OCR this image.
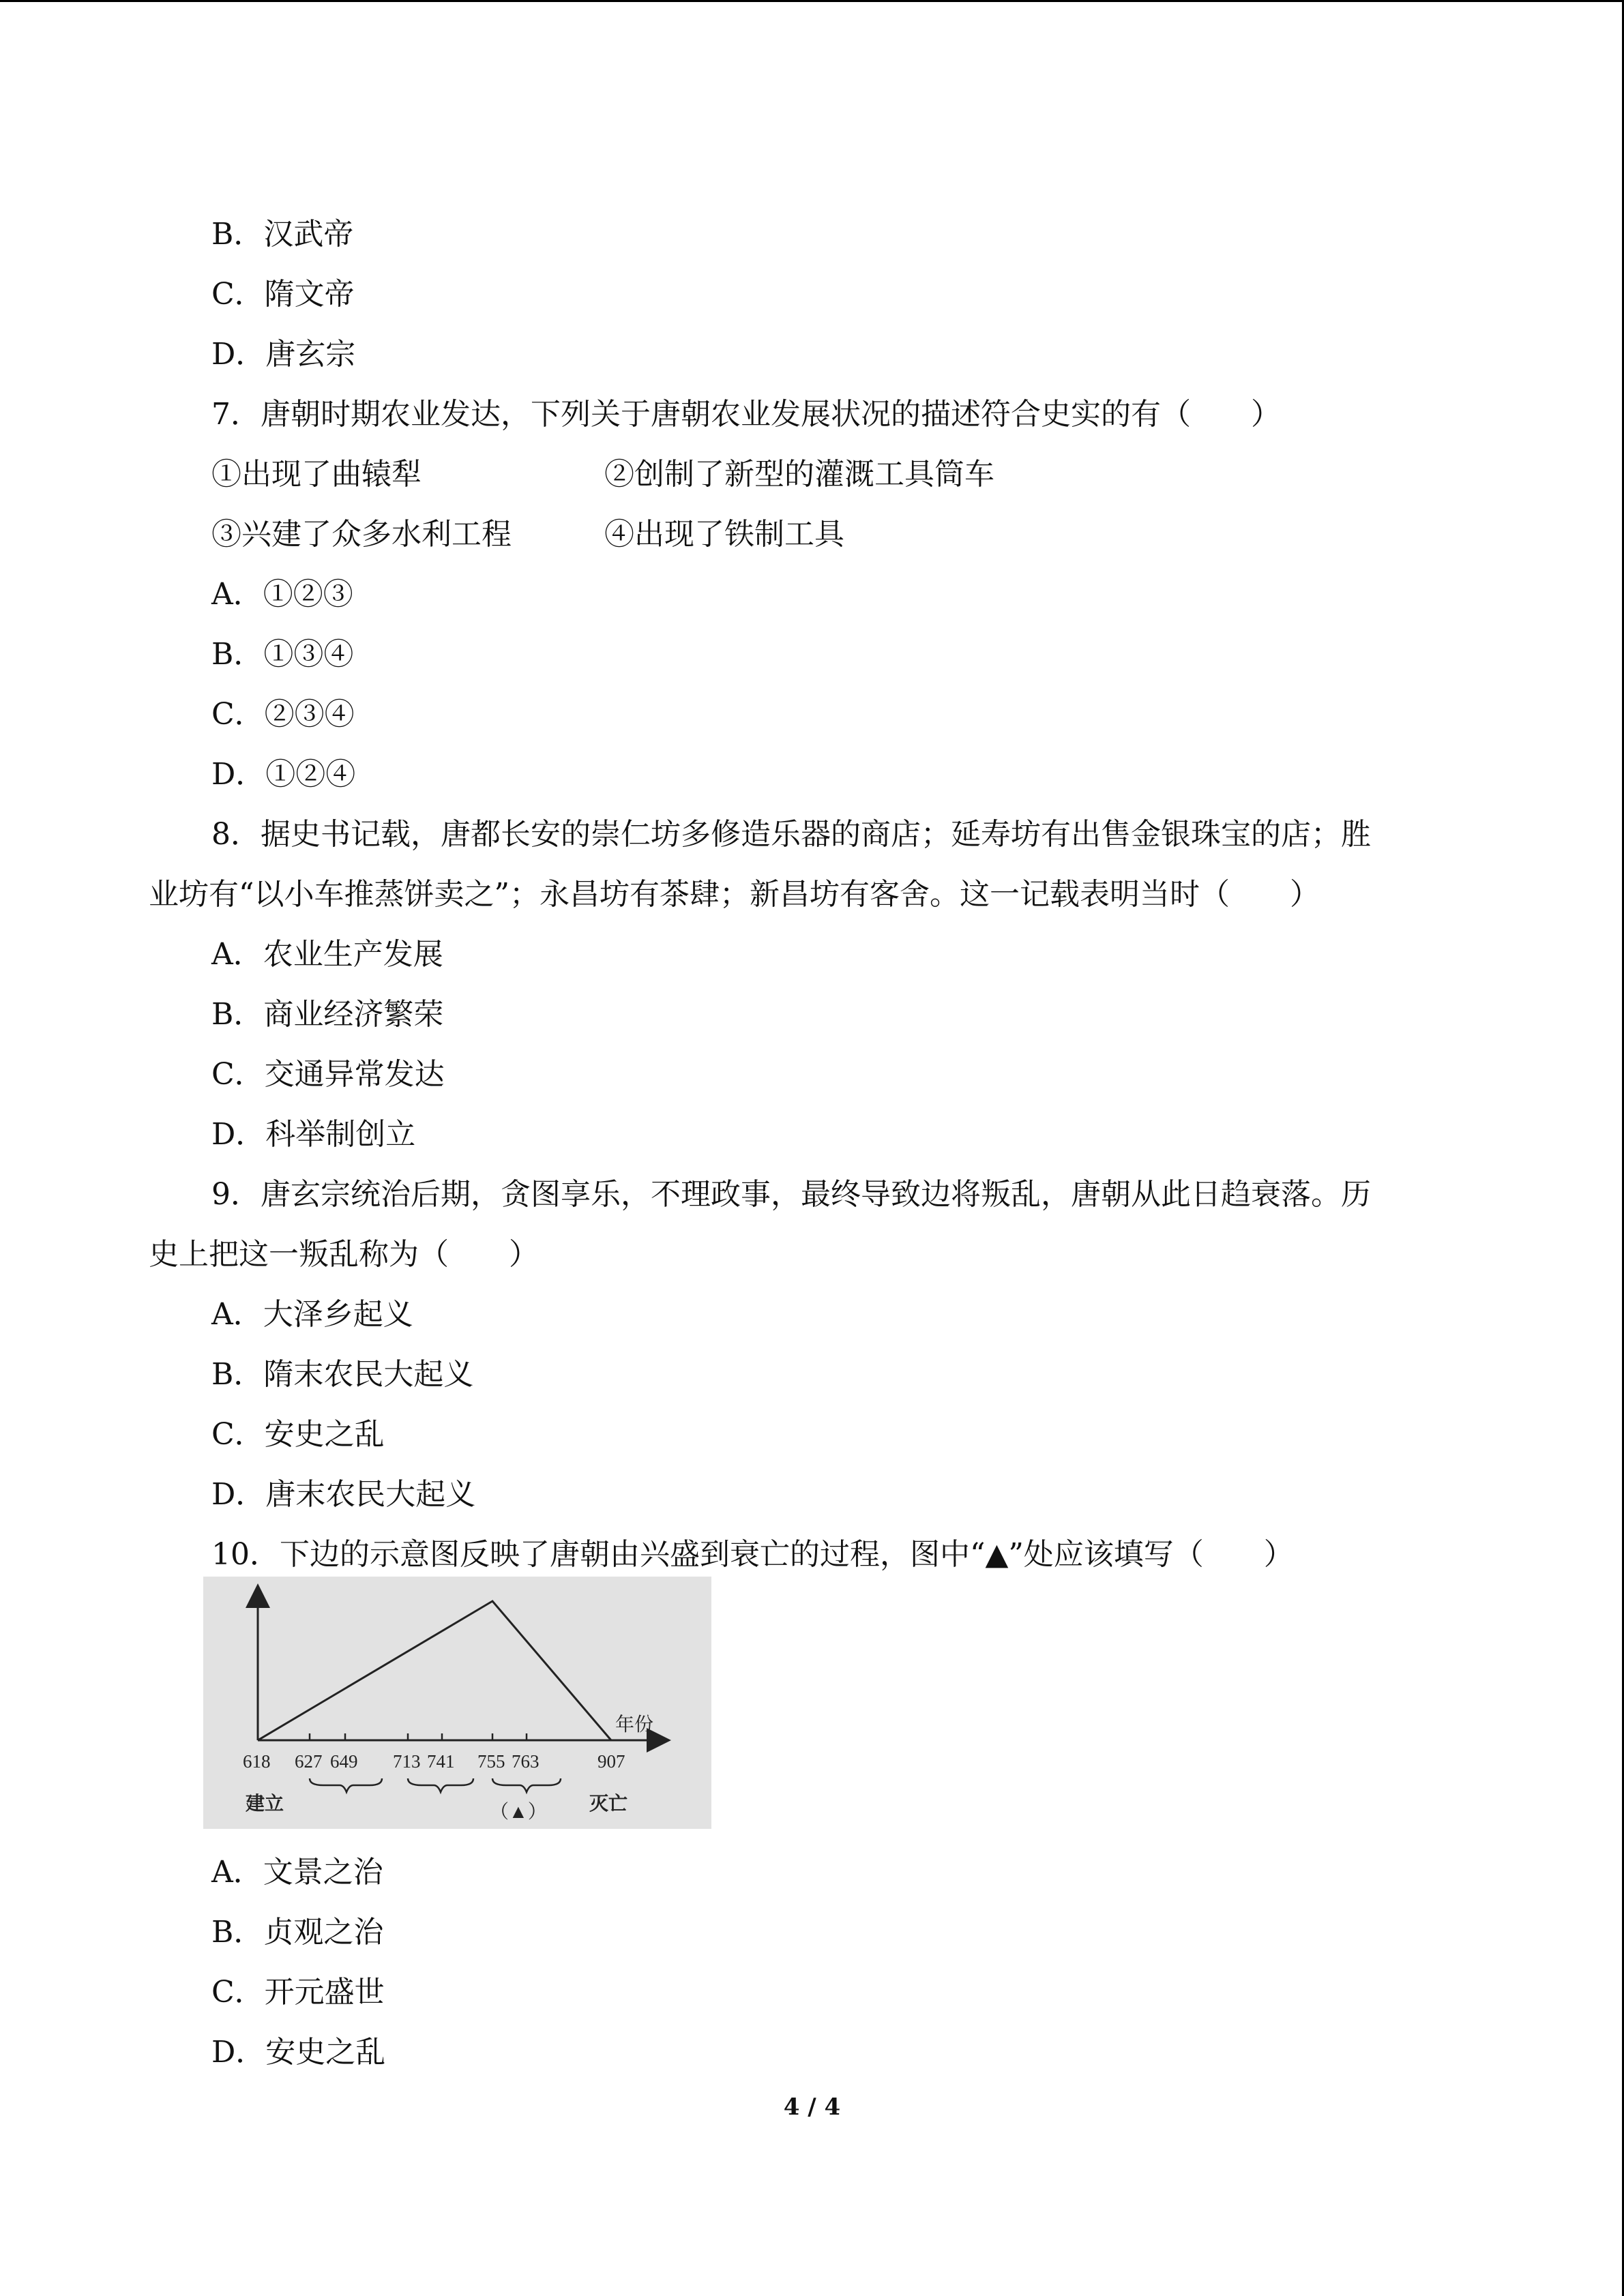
B．汉武帝
C．隋文帝
D．唐玄宗
7．唐朝时期农业发达，下列关于唐朝农业发展状况的描述符合史实的有（　　）
①出现了曲辕犁	②创制了新型的灌溉工具筒车
③兴建了众多水利工程	④出现了铁制工具
A．①②③
B．①③④
C．②③④
D．①②④
8．据史书记载，唐都长安的崇仁坊多修造乐器的商店；延寿坊有出售金银珠宝的店；胜
业坊有“以小车推蒸饼卖之”；永昌坊有茶肆；新昌坊有客舍。这一记载表明当时（　　）
A．农业生产发展
B．商业经济繁荣
C．交通异常发达
D．科举制创立
9．唐玄宗统治后期，贪图享乐，不理政事，最终导致边将叛乱，唐朝从此日趋衰落。历
史上把这一叛乱称为（　　）
A．大泽乡起义
B．隋末农民大起义
C．安史之乱
D．唐末农民大起义
10．下边的示意图反映了唐朝由兴盛到衰亡的过程，图中“▲”处应该填写（　　）
618 627 649 713 741 755 763	907
年份
建立	灭亡
（▲）
A．文景之治
B．贞观之治
C．开元盛世
D．安史之乱
4 / 4
